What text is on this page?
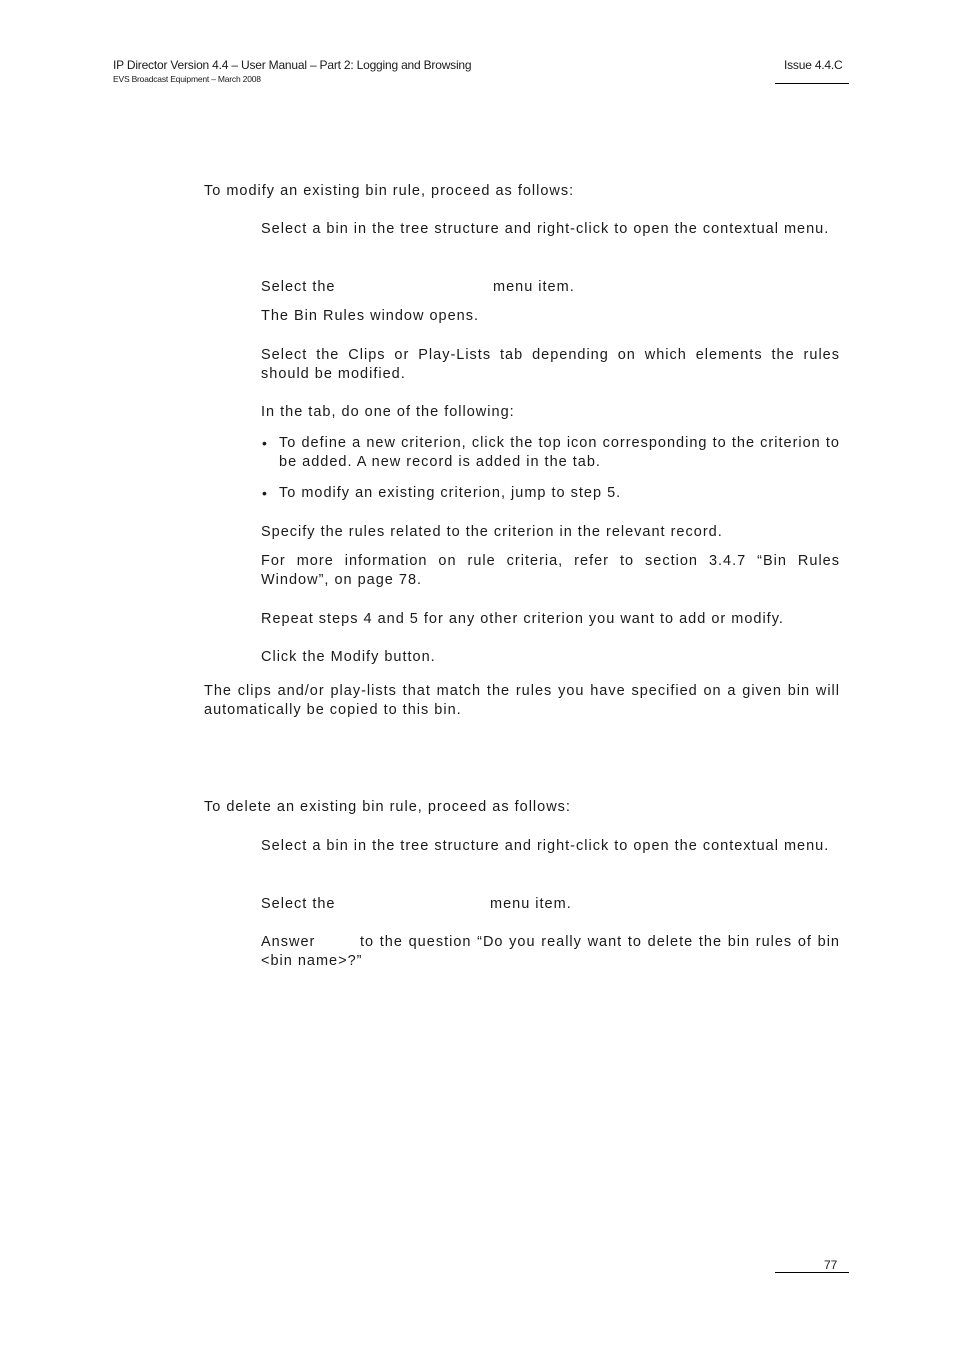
IP Director Version 4.4 – User Manual – Part 2: Logging and Browsing
EVS Broadcast Equipment – March 2008
Issue 4.4.C
To modify an existing bin rule, proceed as follows:
Select a bin in the tree structure and right-click to open the contextual menu.
Select the	menu item.
The Bin Rules window opens.
Select the Clips or Play-Lists tab depending on which elements the rules should be modified.
In the tab, do one of the following:
• To define a new criterion, click the top icon corresponding to the criterion to be added. A new record is added in the tab.
• To modify an existing criterion, jump to step 5.
Specify the rules related to the criterion in the relevant record.
For more information on rule criteria, refer to section 3.4.7 “Bin Rules Window”, on page 78.
Repeat steps 4 and 5 for any other criterion you want to add or modify.
Click the Modify button.
The clips and/or play-lists that match the rules you have specified on a given bin will automatically be copied to this bin.
To delete an existing bin rule, proceed as follows:
Select a bin in the tree structure and right-click to open the contextual menu.
Select the	menu item.
Answer	to the question “Do you really want to delete the bin rules of bin <bin name>?”
77
